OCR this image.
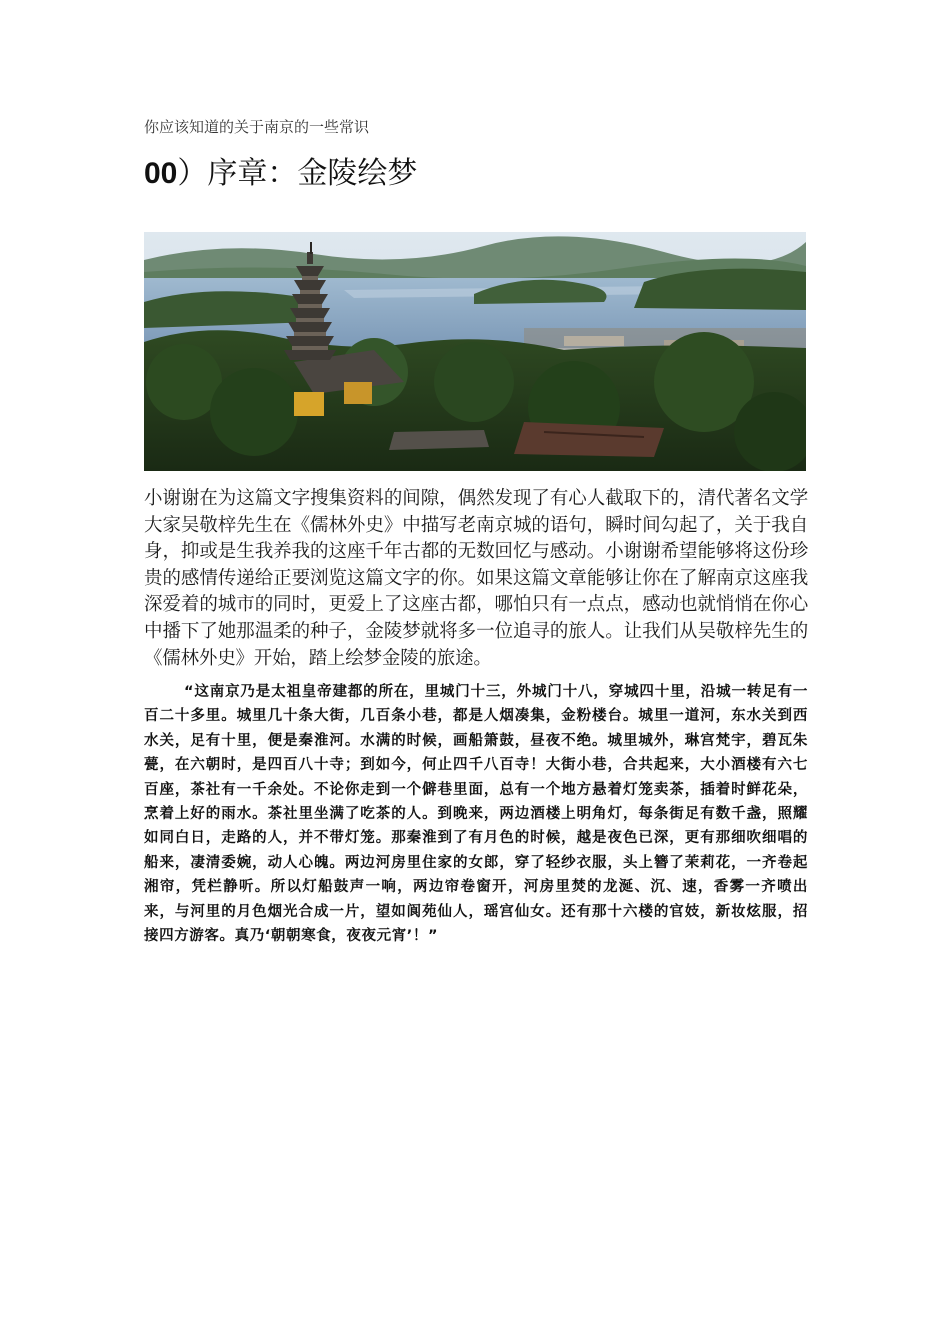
你应该知道的关于南京的一些常识
00）序章：金陵绘梦
小谢谢在为这篇文字搜集资料的间隙，偶然发现了有心人截取下的，清代著名文学大家吴敬梓先生在《儒林外史》中描写老南京城的语句，瞬时间勾起了，关于我自身，抑或是生我养我的这座千年古都的无数回忆与感动。小谢谢希望能够将这份珍贵的感情传递给正要浏览这篇文字的你。如果这篇文章能够让你在了解南京这座我深爱着的城市的同时，更爱上了这座古都，哪怕只有一点点，感动也就悄悄在你心中播下了她那温柔的种子，金陵梦就将多一位追寻的旅人。让我们从吴敬梓先生的《儒林外史》开始，踏上绘梦金陵的旅途。
“这南京乃是太祖皇帝建都的所在，里城门十三，外城门十八，穿城四十里，沿城一转足有一百二十多里。城里几十条大街，几百条小巷，都是人烟凑集，金粉楼台。城里一道河，东水关到西水关，足有十里，便是秦淮河。水满的时候，画船箫鼓，昼夜不绝。城里城外，琳宫梵宇，碧瓦朱甍，在六朝时，是四百八十寺；到如今，何止四千八百寺！大街小巷，合共起来，大小酒楼有六七百座，茶社有一千余处。不论你走到一个僻巷里面，总有一个地方悬着灯笼卖茶，插着时鲜花朵，烹着上好的雨水。茶社里坐满了吃茶的人。到晚来，两边酒楼上明角灯，每条街足有数千盏，照耀如同白日，走路的人，并不带灯笼。那秦淮到了有月色的时候，越是夜色已深，更有那细吹细唱的船来，凄清委婉，动人心魄。两边河房里住家的女郎，穿了轻纱衣服，头上簪了茉莉花，一齐卷起湘帘，凭栏静听。所以灯船鼓声一响，两边帘卷窗开，河房里焚的龙涎、沉、速，香雾一齐喷出来，与河里的月色烟光合成一片，望如阆苑仙人，瑶宫仙女。还有那十六楼的官妓，新妆炫服，招接四方游客。真乃‘朝朝寒食，夜夜元宵’！”
